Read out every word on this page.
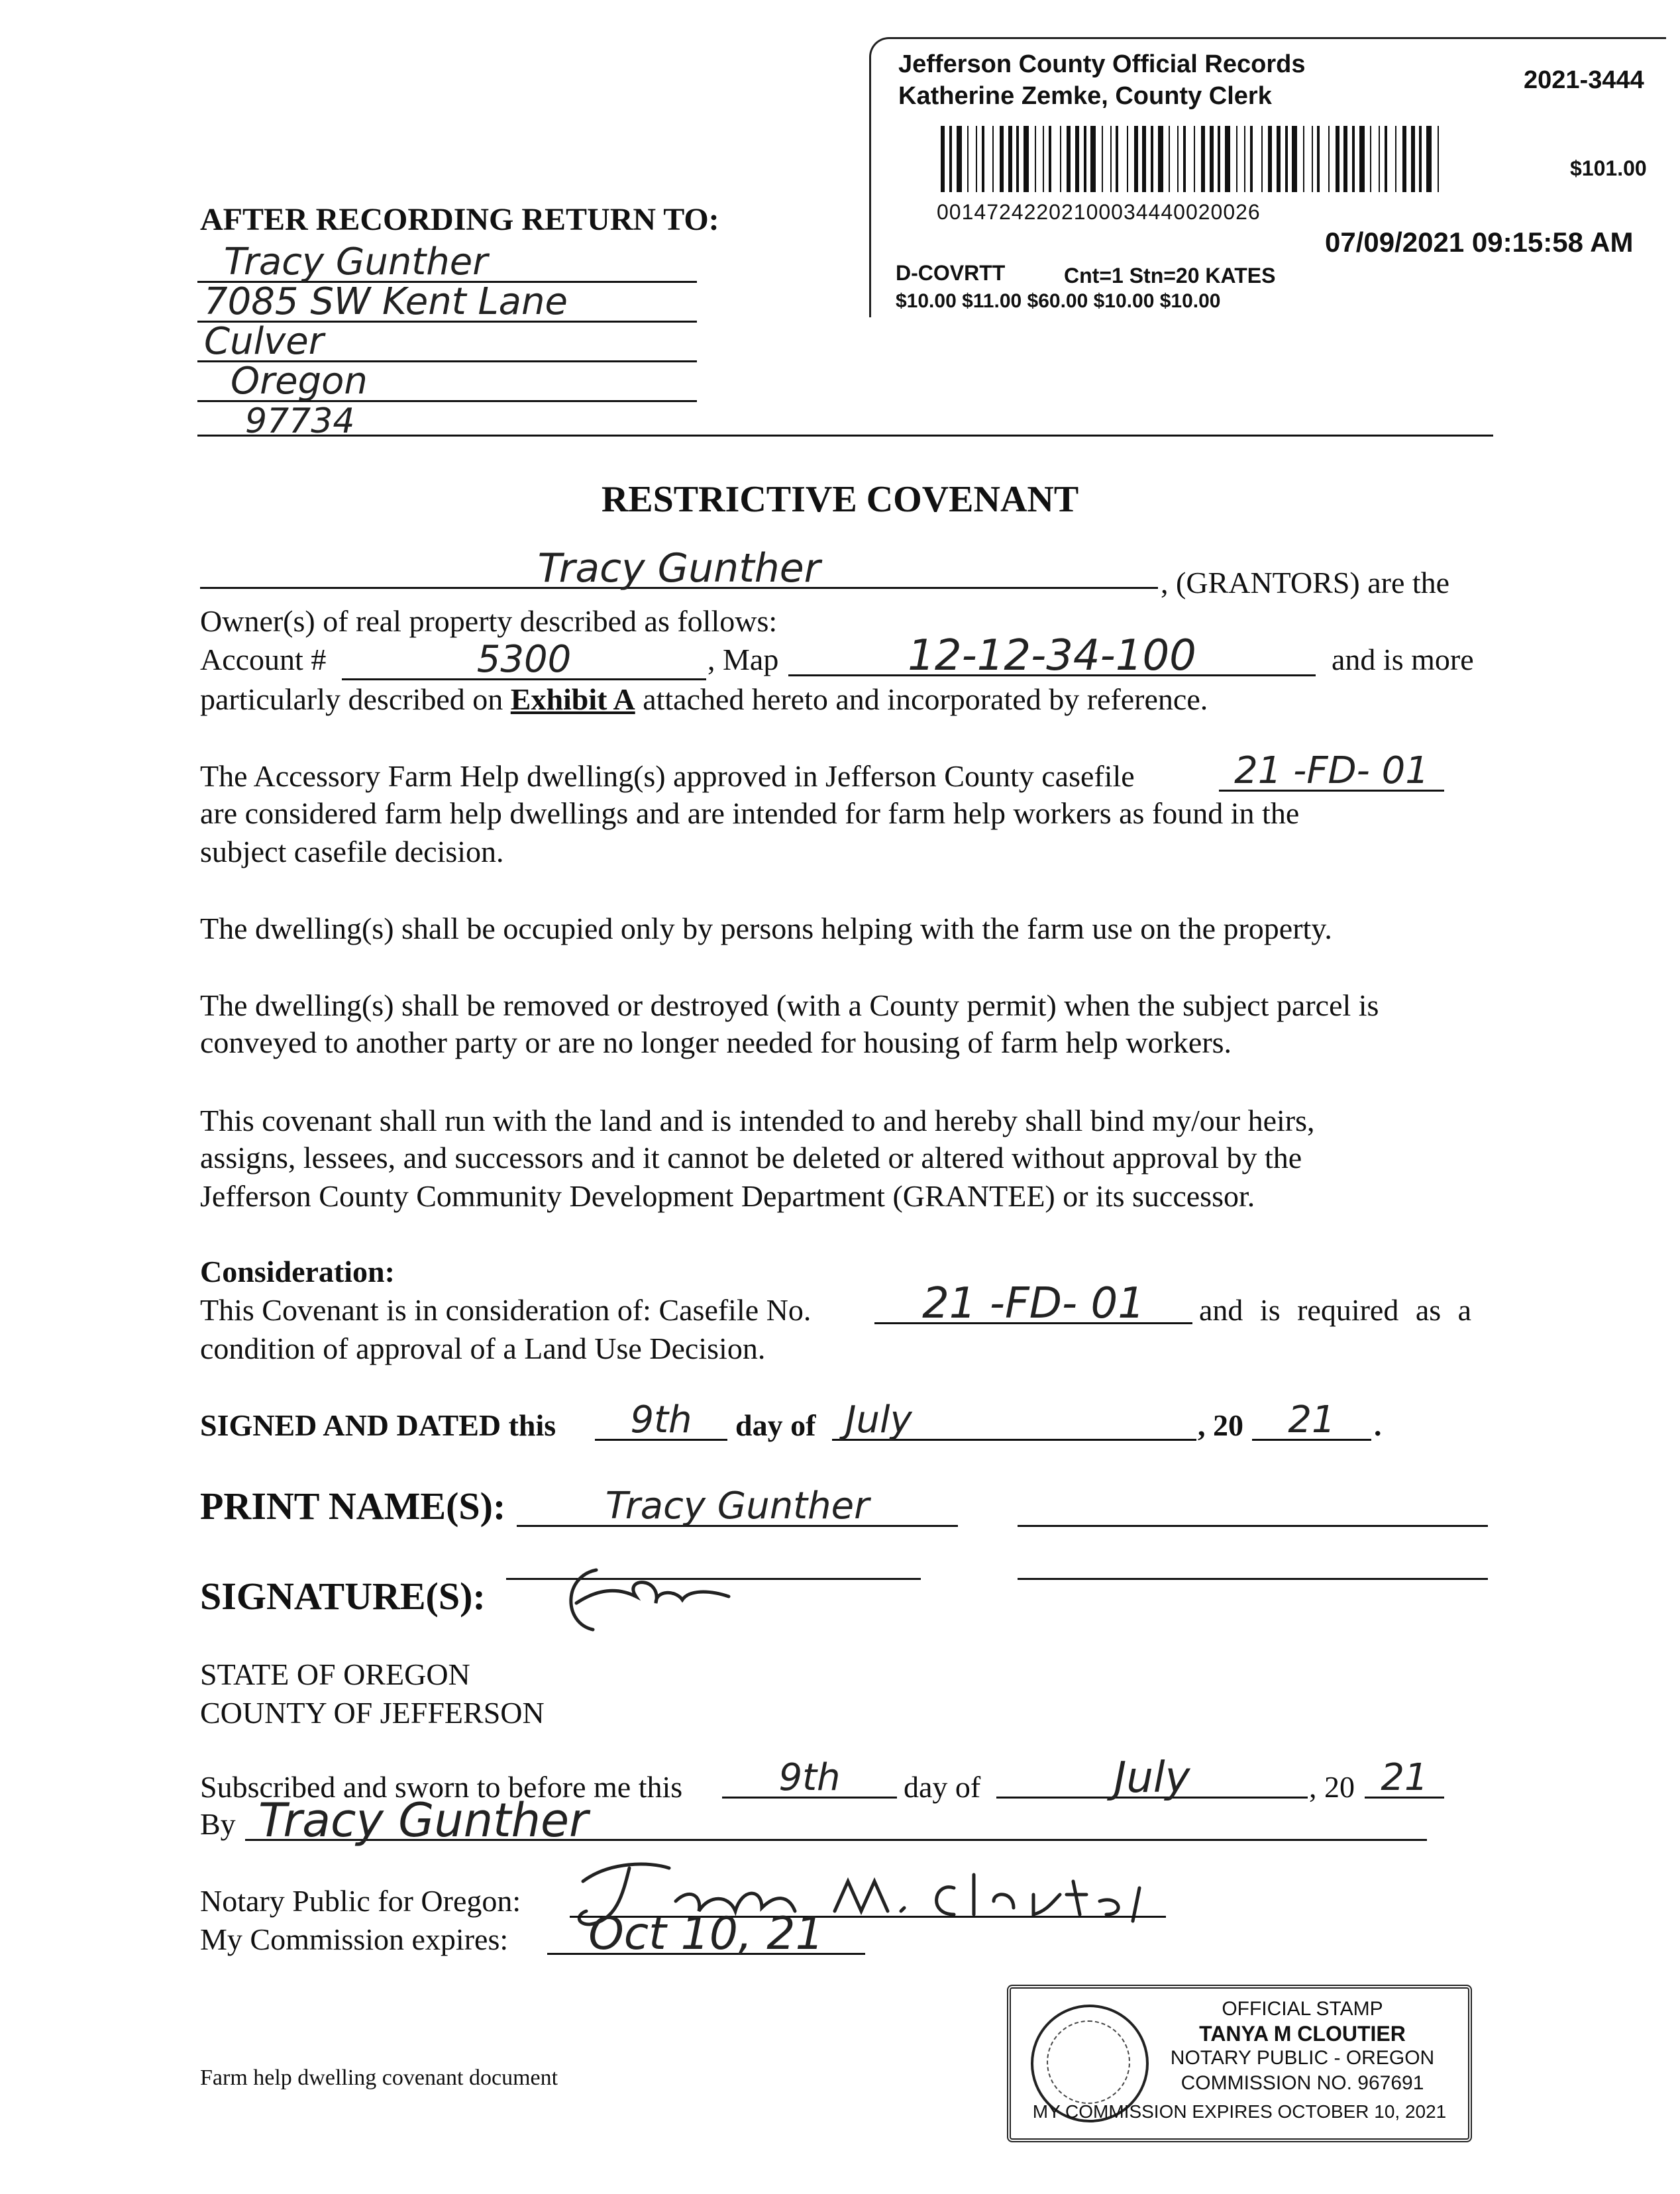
Jefferson County Official Records
Katherine Zemke, County Clerk
2021-3444
$101.00
00147242202100034440020026
07/09/2021 09:15:58 AM
D-COVRTT	Cnt=1 Stn=20 KATES
$10.00 $11.00 $60.00 $10.00 $10.00
AFTER RECORDING RETURN TO:
Tracy Gunther
7085 SW Kent Lane
Culver
Oregon
97734
RESTRICTIVE COVENANT
Tracy Gunther	, (GRANTORS) are the
Owner(s) of real property described as follows:
Account #	5300	, Map	12-12-34-100	and is more
particularly described on Exhibit A attached hereto and incorporated by reference.
The Accessory Farm Help dwelling(s) approved in Jefferson County casefile	21 -FD- 01
are considered farm help dwellings and are intended for farm help workers as found in the
subject casefile decision.
The dwelling(s) shall be occupied only by persons helping with the farm use on the property.
The dwelling(s) shall be removed or destroyed (with a County permit) when the subject parcel is
conveyed to another party or are no longer needed for housing of farm help workers.
This covenant shall run with the land and is intended to and hereby shall bind my/our heirs,
assigns, lessees, and successors and it cannot be deleted or altered without approval by the
Jefferson County Community Development Department (GRANTEE) or its successor.
Consideration:
This Covenant is in consideration of: Casefile No.	21 -FD- 01	and is required as a
condition of approval of a Land Use Decision.
SIGNED AND DATED this	9th	day of July	, 20	21	.
PRINT NAME(S):	Tracy Gunther
SIGNATURE(S):
STATE OF OREGON
COUNTY OF JEFFERSON
Subscribed and sworn to before me this	9th	day of	July	, 20 21
By Tracy Gunther
Notary Public for Oregon:
My Commission expires:	Oct 10, 21
OFFICIAL STAMP
TANYA M CLOUTIER
NOTARY PUBLIC - OREGON
COMMISSION NO. 967691
MY COMMISSION EXPIRES OCTOBER 10, 2021
Farm help dwelling covenant document
